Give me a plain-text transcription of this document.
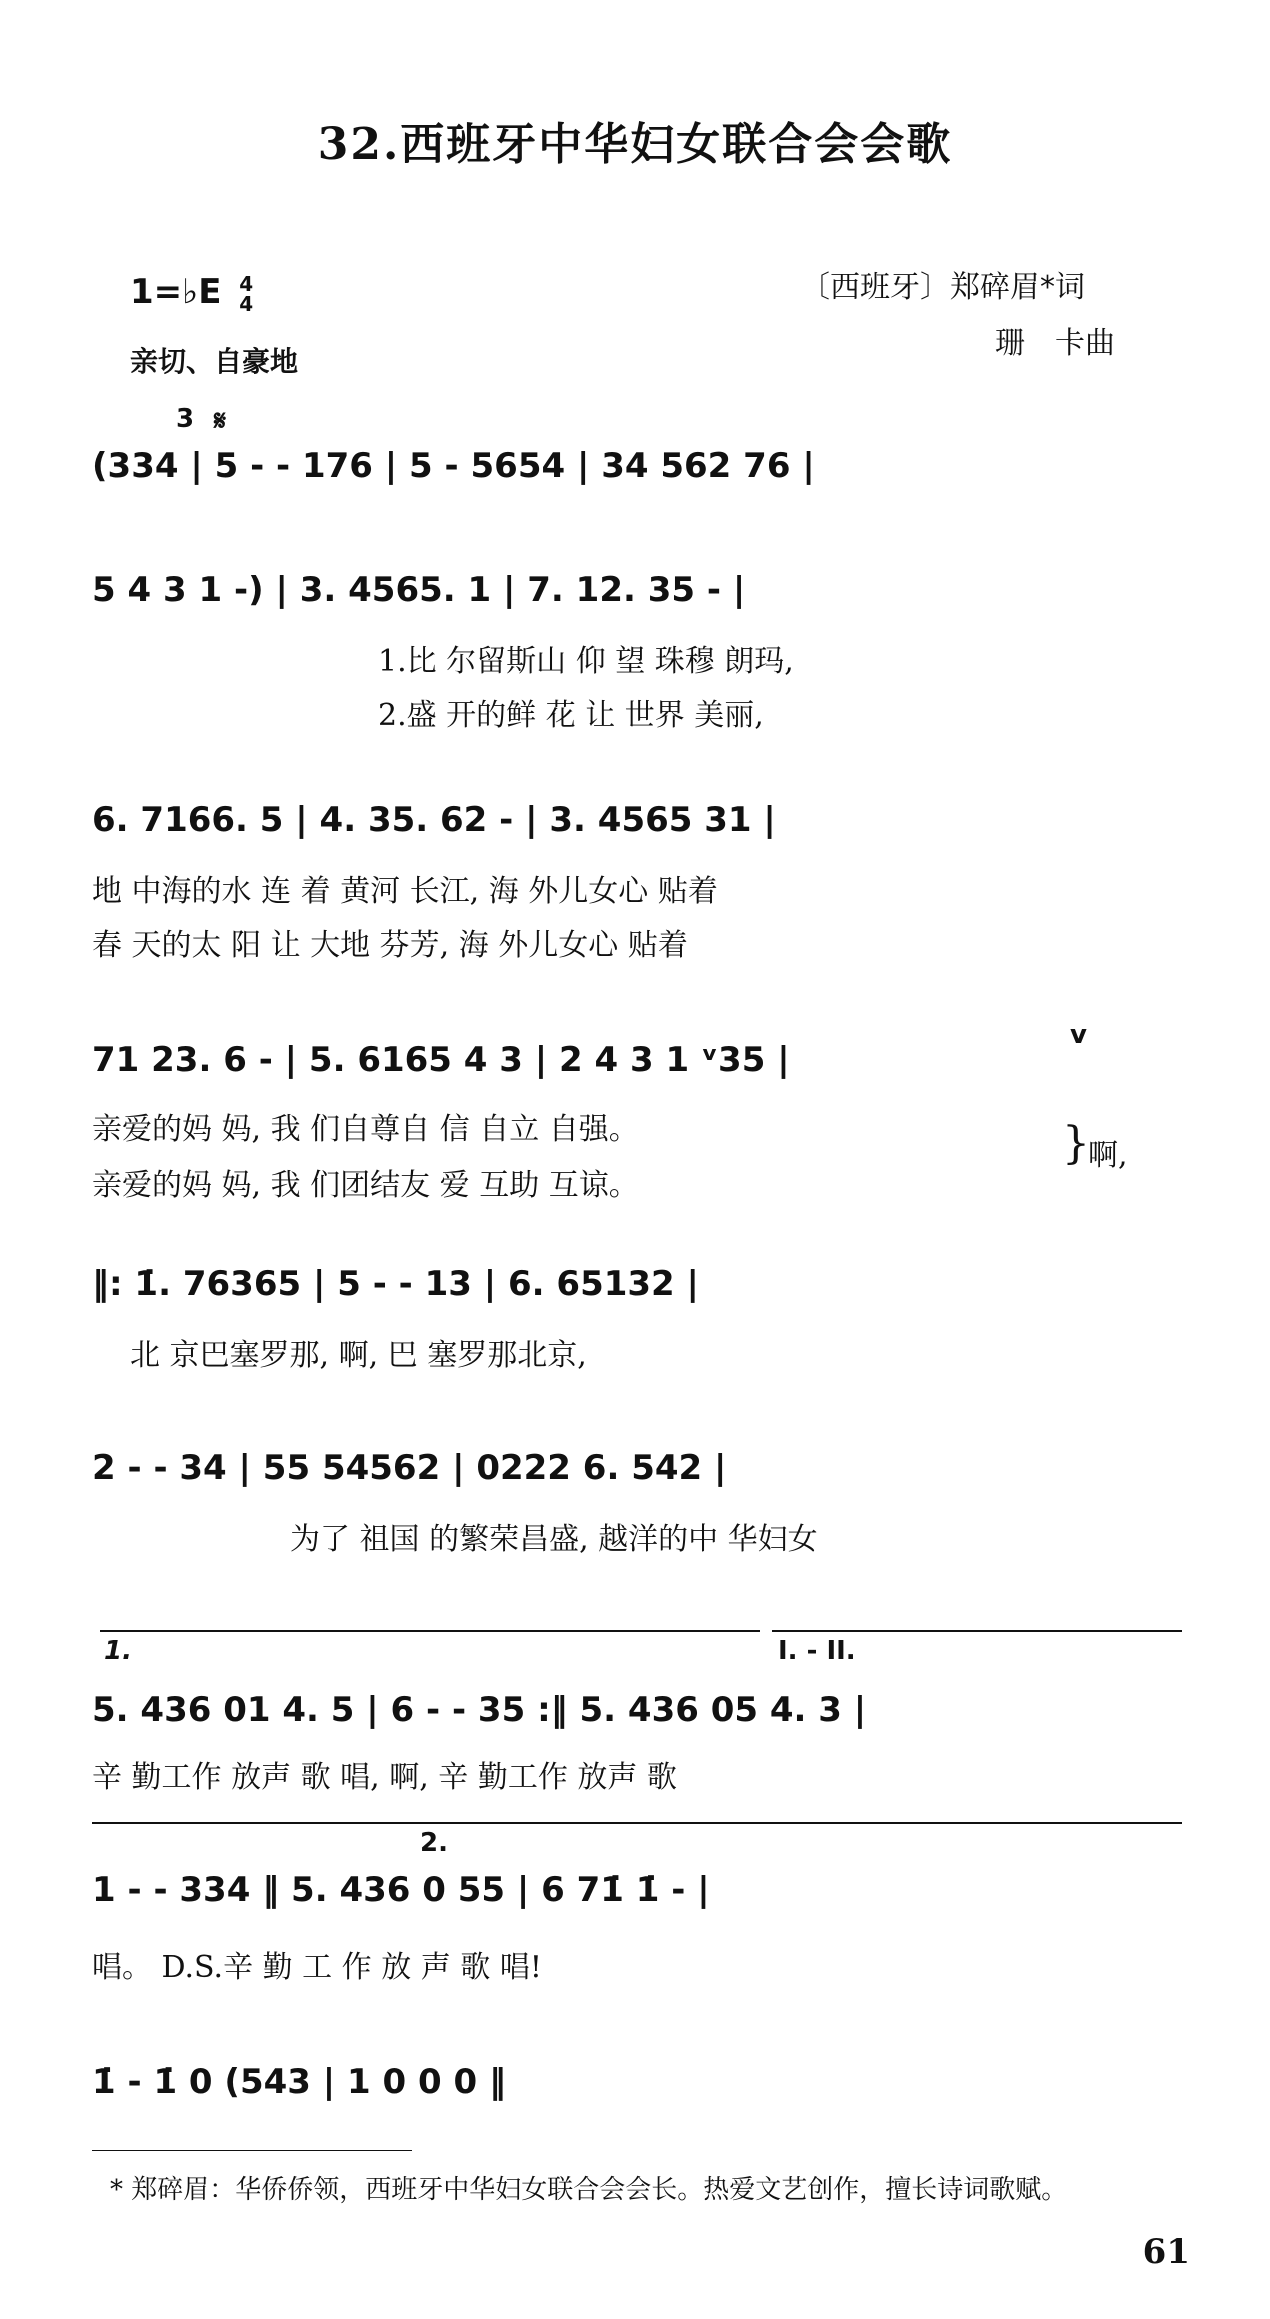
32.西班牙中华妇女联合会会歌
1=♭E 4
4
亲切、自豪地
〔西班牙〕郑碎眉*词
珊　卡曲
3 𝄋
(334 | 5 - - 176 | 5 - 5654 | 34 562 76 |
5 4 3 1 -) | 3. 4565. 1 | 7. 12. 35 - |
1.比 尔留斯山 仰 望 珠穆 朗玛,
2.盛 开的鲜 花 让 世界 美丽,
6. 7166. 5 | 4. 35. 62 - | 3. 4565 31 |
地 中海的水 连 着 黄河 长江, 海 外儿女心 贴着
春 天的太 阳 让 大地 芬芳, 海 外儿女心 贴着
v
71 23. 6 - | 5. 6165 4 3 | 2 4 3 1 ᵛ35 |
亲爱的妈 妈, 我 们自尊自 信 自立 自强。
亲爱的妈 妈, 我 们团结友 爱 互助 互谅。
}
啊,
‖: 1̇. 76365 | 5 - - 13 | 6. 65132 |
北 京巴塞罗那, 啊, 巴 塞罗那北京,
2 - - 34 | 55 54562 | 0222 6. 542 |
为了 祖国 的繁荣昌盛, 越洋的中 华妇女
1.	I. - II.
5. 436 01 4. 5 | 6 - - 35 :‖ 5. 436 05 4. 3 |
辛 勤工作 放声 歌 唱, 啊, 辛 勤工作 放声 歌
2.
1 - - 334 ‖ 5. 436 0 55 | 6 71̇ 1̇ - |
唱。 D.S.辛 勤 工 作 放 声 歌 唱!
1̇ - 1̇ 0 (543 | 1 0 0 0 ‖
* 郑碎眉：华侨侨领，西班牙中华妇女联合会会长。热爱文艺创作，擅长诗词歌赋。
61
